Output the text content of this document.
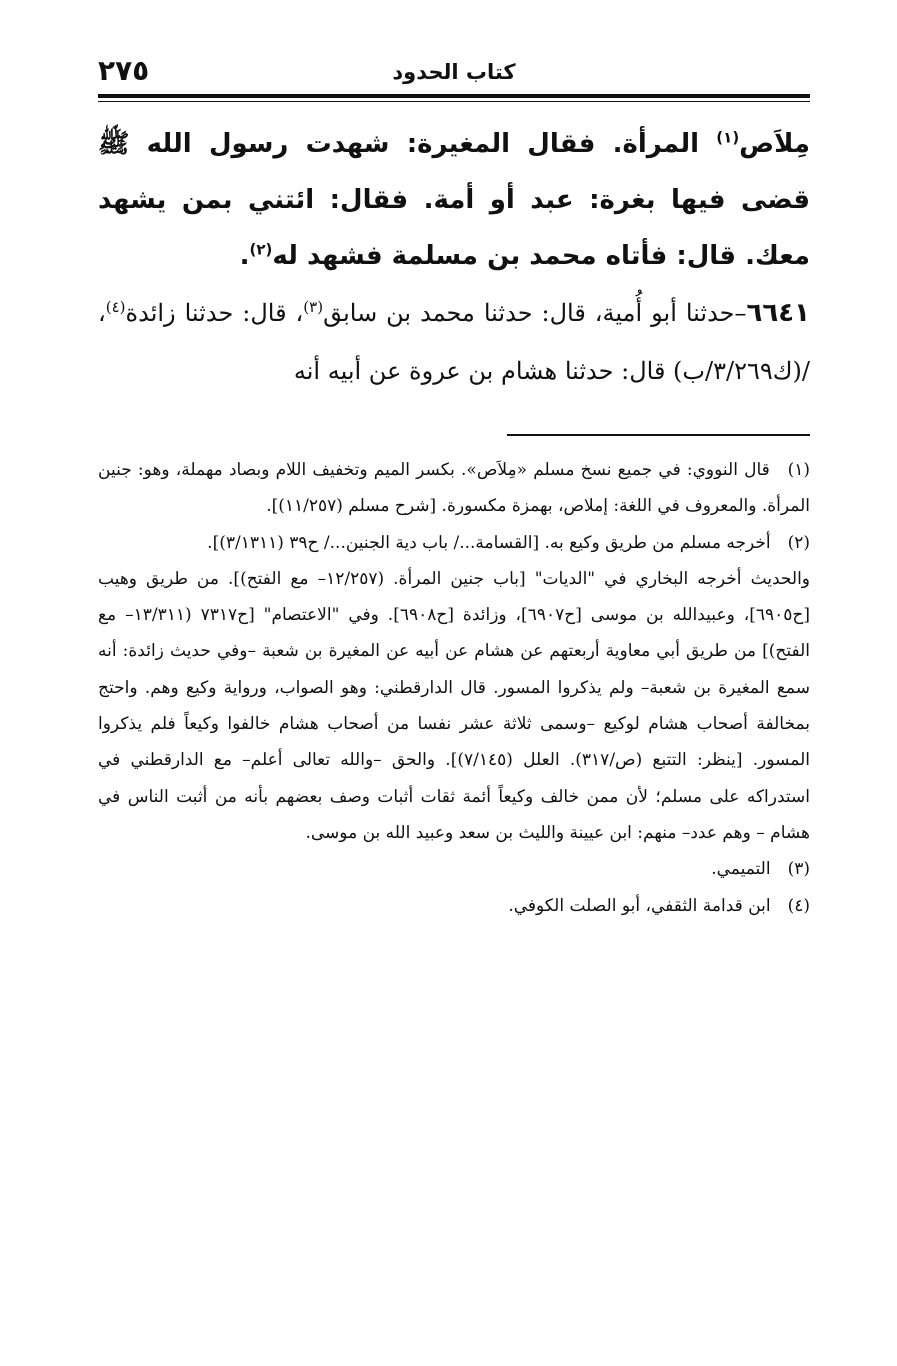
٢٧٥	كتاب الحدود

مِلاَص$^{(١)}$ المرأة. فقال المغيرة: شهدت رسول الله ﷺ قضى فيها بغرة: عبد أو أمة. فقال: ائتني بمن يشهد معك. قال: فأتاه محمد بن مسلمة فشهد له$^{(٢)}$.

٦٦٤١–حدثنا أبو أُمية، قال: حدثنا محمد بن سابق$^{(٣)}$، قال: حدثنا زائدة$^{(٤)}$، /(ك٣/٢٦٩/ب) قال: حدثنا هشام بن عروة عن أبيه أنه

(١) قال النووي: في جميع نسخ مسلم «مِلاَص». بكسر الميم وتخفيف اللام وبصاد مهملة، وهو: جنين المرأة. والمعروف في اللغة: إملاص، بهمزة مكسورة. [شرح مسلم (١١/٢٥٧)].

(٢) أخرجه مسلم من طريق وكيع به. [القسامة.../ باب دية الجنين.../ ح٣٩ (٣/١٣١١)].

والحديث أخرجه البخاري في "الديات" [باب جنين المرأة. (١٢/٢٥٧– مع الفتح)]. من طريق وهيب [ح٦٩٠٥]، وعبيدالله بن موسى [ح٦٩٠٧]، وزائدة [ح٦٩٠٨]. وفي "الاعتصام" [ح٧٣١٧ (١٣/٣١١– مع الفتح)] من طريق أبي معاوية أربعتهم عن هشام عن أبيه عن المغيرة بن شعبة –وفي حديث زائدة: أنه سمع المغيرة بن شعبة– ولم يذكروا المسور. قال الدارقطني: وهو الصواب، ورواية وكيع وهم. واحتج بمخالفة أصحاب هشام لوكيع –وسمى ثلاثة عشر نفسا من أصحاب هشام خالفوا وكيعاً فلم يذكروا المسور. [ينظر: التتبع (ص/٣١٧). العلل (٧/١٤٥)]. والحق –والله تعالى أعلم– مع الدارقطني في استدراكه على مسلم؛ لأن ممن خالف وكيعاً أئمة ثقات أثبات وصف بعضهم بأنه من أثبت الناس في هشام – وهم عدد– منهم: ابن عيينة والليث بن سعد وعبيد الله بن موسى.

(٣) التميمي.

(٤) ابن قدامة الثقفي، أبو الصلت الكوفي.
